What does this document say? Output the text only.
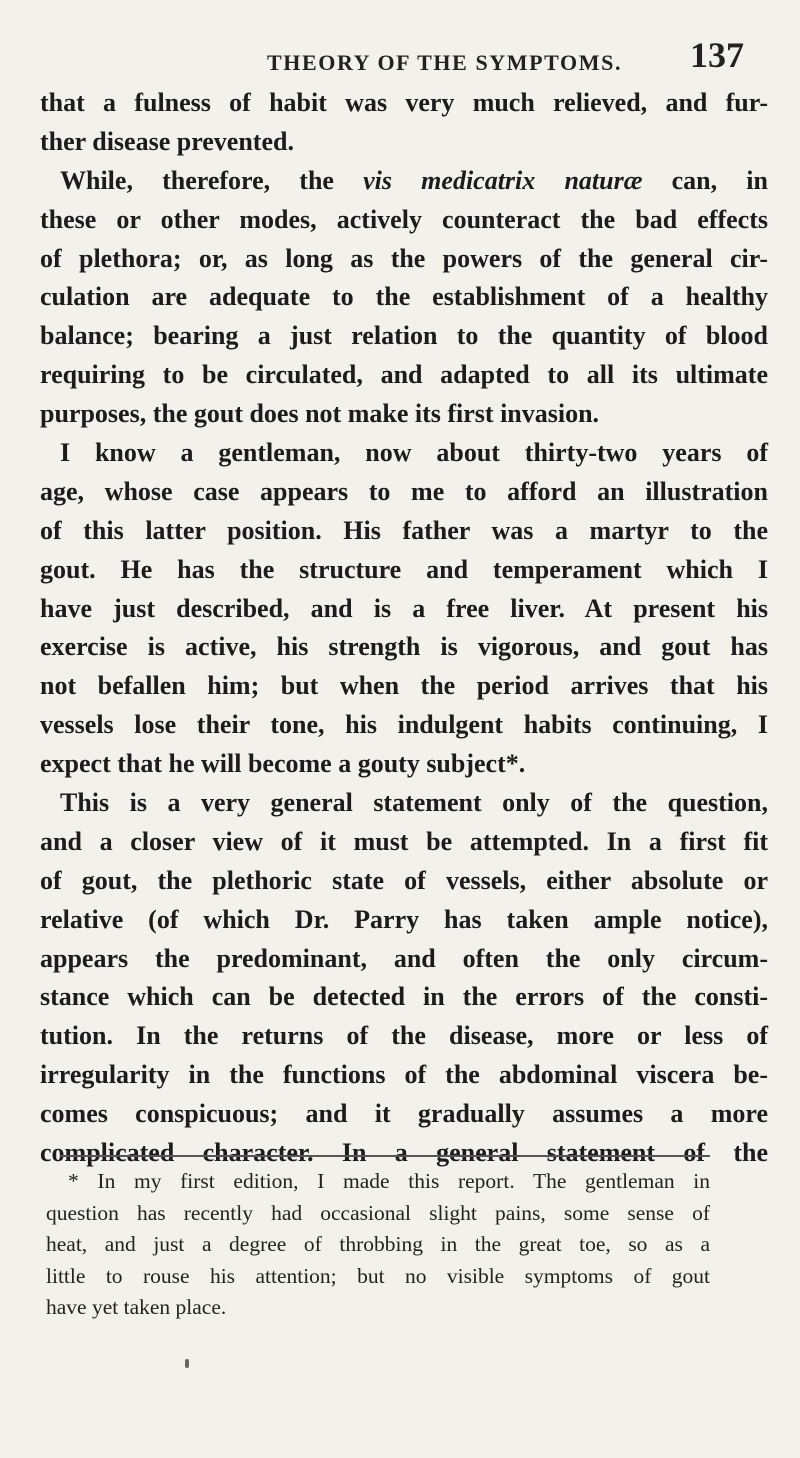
THEORY OF THE SYMPTOMS. 137
that a fulness of habit was very much relieved, and fur-
ther disease prevented.
While, therefore, the vis medicatrix naturæ can, in
these or other modes, actively counteract the bad effects
of plethora; or, as long as the powers of the general cir-
culation are adequate to the establishment of a healthy
balance; bearing a just relation to the quantity of blood
requiring to be circulated, and adapted to all its ultimate
purposes, the gout does not make its first invasion.
I know a gentleman, now about thirty-two years of
age, whose case appears to me to afford an illustration
of this latter position. His father was a martyr to the
gout. He has the structure and temperament which I
have just described, and is a free liver. At present his
exercise is active, his strength is vigorous, and gout has
not befallen him; but when the period arrives that his
vessels lose their tone, his indulgent habits continuing, I
expect that he will become a gouty subject*.
This is a very general statement only of the question,
and a closer view of it must be attempted. In a first fit
of gout, the plethoric state of vessels, either absolute or
relative (of which Dr. Parry has taken ample notice),
appears the predominant, and often the only circum-
stance which can be detected in the errors of the consti-
tution. In the returns of the disease, more or less of
irregularity in the functions of the abdominal viscera be-
comes conspicuous; and it gradually assumes a more
complicated character. In a general statement of the
* In my first edition, I made this report. The gentleman in
question has recently had occasional slight pains, some sense of
heat, and just a degree of throbbing in the great toe, so as a
little to rouse his attention; but no visible symptoms of gout
have yet taken place.
